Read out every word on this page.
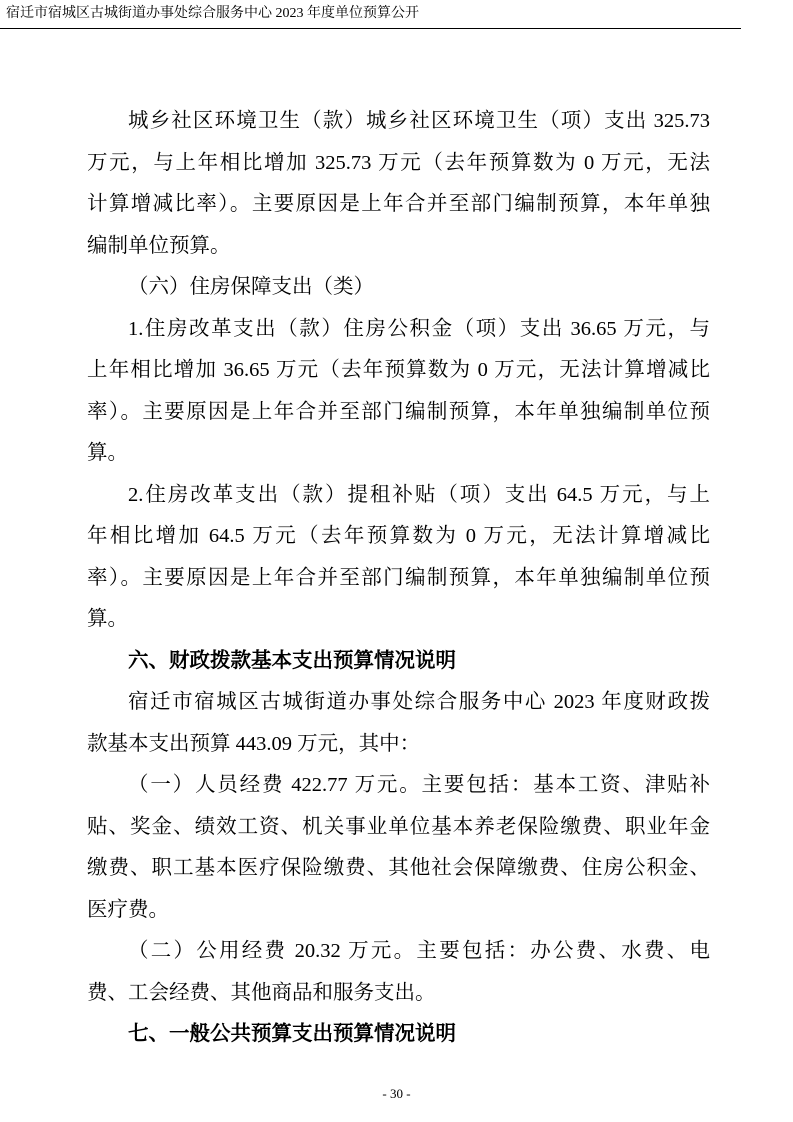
宿迁市宿城区古城街道办事处综合服务中心 2023 年度单位预算公开
城乡社区环境卫生（款）城乡社区环境卫生（项）支出 325.73
万元，与上年相比增加 325.73 万元（去年预算数为 0 万元，无法
计算增减比率）。主要原因是上年合并至部门编制预算，本年单独
编制单位预算。
（六）住房保障支出（类）
1.住房改革支出（款）住房公积金（项）支出 36.65 万元，与
上年相比增加 36.65 万元（去年预算数为 0 万元，无法计算增减比
率）。主要原因是上年合并至部门编制预算，本年单独编制单位预
算。
2.住房改革支出（款）提租补贴（项）支出 64.5 万元，与上
年相比增加 64.5 万元（去年预算数为 0 万元，无法计算增减比
率）。主要原因是上年合并至部门编制预算，本年单独编制单位预
算。
六、财政拨款基本支出预算情况说明
宿迁市宿城区古城街道办事处综合服务中心 2023 年度财政拨
款基本支出预算 443.09 万元，其中：
（一）人员经费 422.77 万元。主要包括：基本工资、津贴补
贴、奖金、绩效工资、机关事业单位基本养老保险缴费、职业年金
缴费、职工基本医疗保险缴费、其他社会保障缴费、住房公积金、
医疗费。
（二）公用经费 20.32 万元。主要包括：办公费、水费、电
费、工会经费、其他商品和服务支出。
七、一般公共预算支出预算情况说明
- 30 -
